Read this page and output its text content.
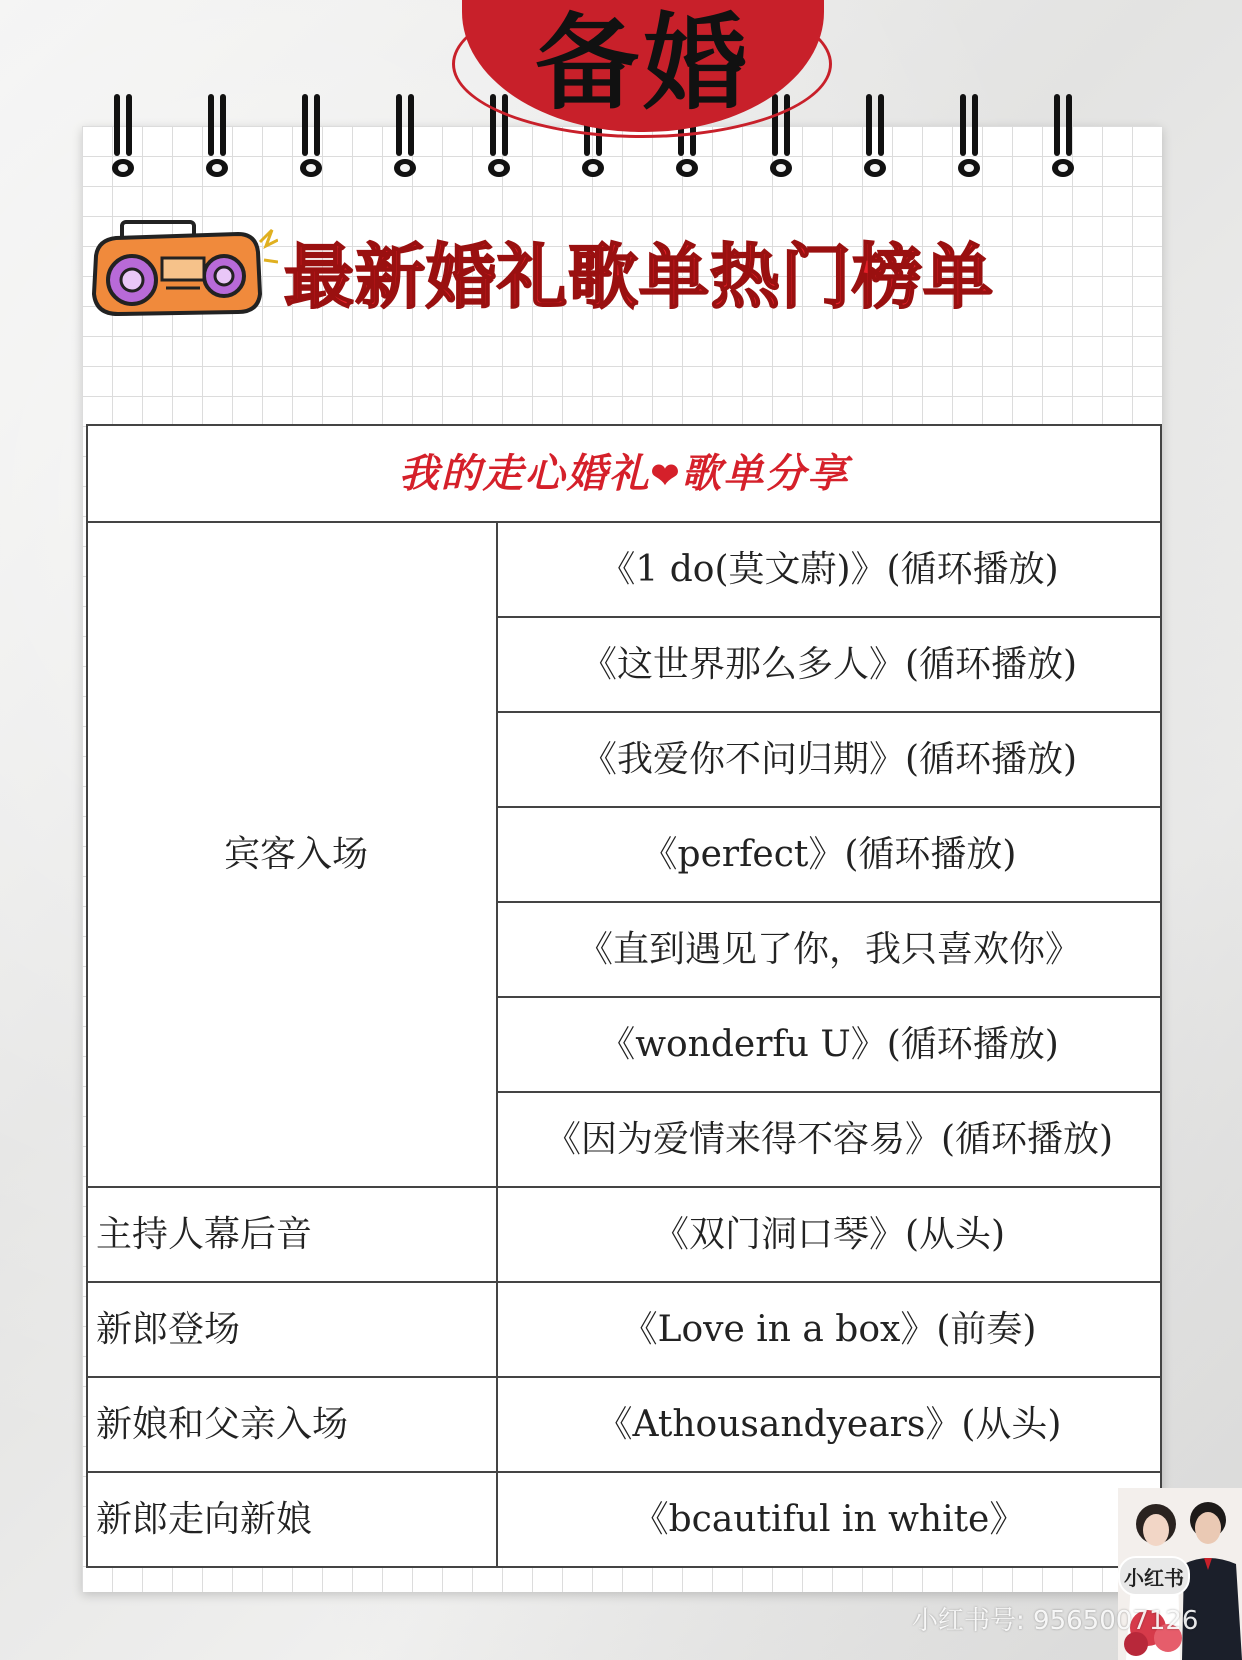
备婚
最新婚礼歌单热门榜单
我的走心婚礼❤歌单分享	
宾客入场	《1 do(莫文蔚)》(循环播放)
	《这世界那么多人》(循环播放)
	《我爱你不问归期》(循环播放)
	《perfect》(循环播放)
	《直到遇见了你，我只喜欢你》
	《wonderfu U》(循环播放)
	《因为爱情来得不容易》(循环播放)
主持人幕后音	《双门洞口琴》(从头)
新郎登场	《Love in a box》(前奏)
新娘和父亲入场	《Athousandyears》(从头)
新郎走向新娘	《bcautiful in white》
小红书
小红书号: 9565007126
